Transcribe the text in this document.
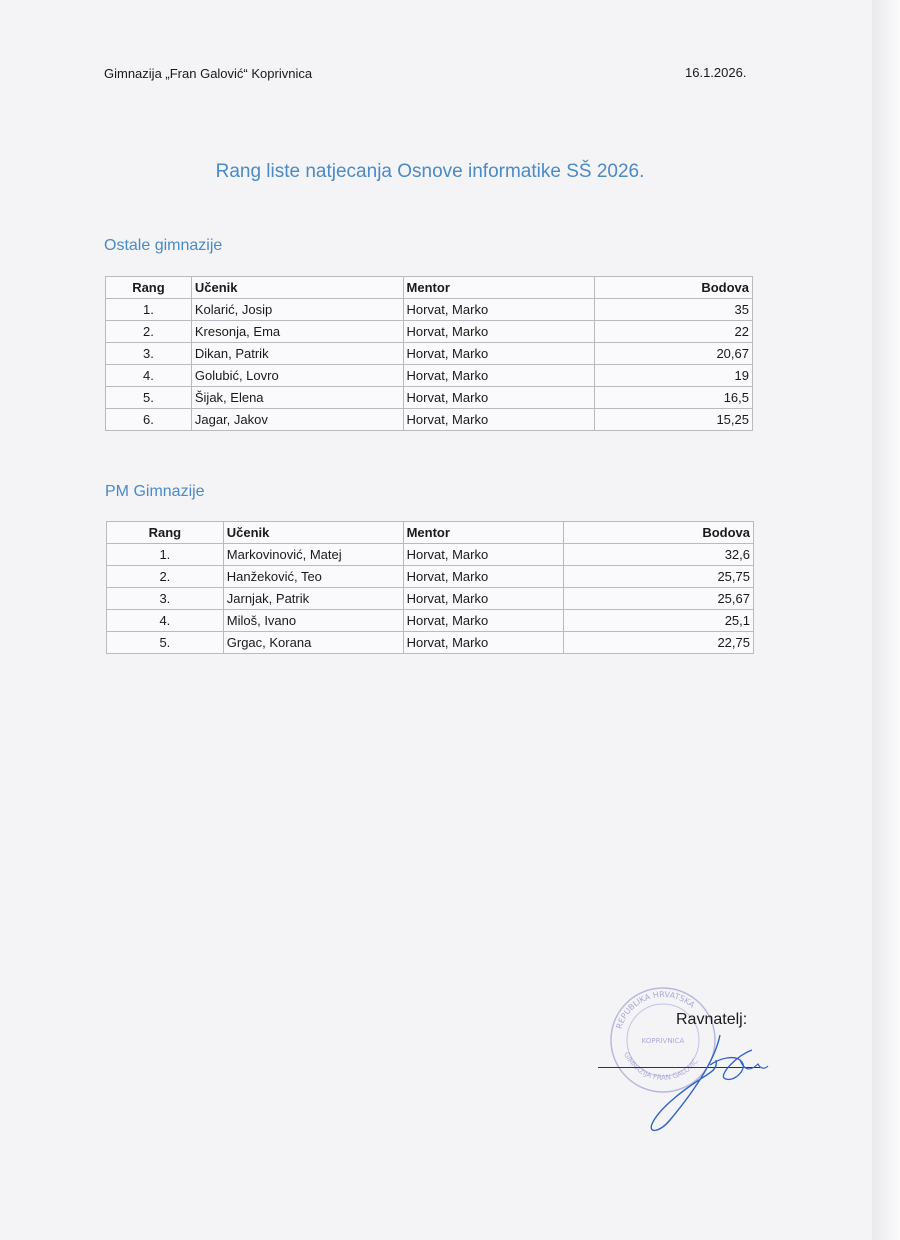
Gimnazija „Fran Galović“ Koprivnica	16.1.2026.
Rang liste natjecanja Osnove informatike SŠ 2026.
Ostale gimnazije
Rang	Učenik	Mentor	Bodova
1.	Kolarić, Josip	Horvat, Marko	35
2.	Kresonja, Ema	Horvat, Marko	22
3.	Dikan, Patrik	Horvat, Marko	20,67
4.	Golubić, Lovro	Horvat, Marko	19
5.	Šijak, Elena	Horvat, Marko	16,5
6.	Jagar, Jakov	Horvat, Marko	15,25
PM Gimnazije
Rang	Učenik	Mentor	Bodova
1.	Markovinović, Matej	Horvat, Marko	32,6
2.	Hanžeković, Teo	Horvat, Marko	25,75
3.	Jarnjak, Patrik	Horvat, Marko	25,67
4.	Miloš, Ivano	Horvat, Marko	25,1
5.	Grgac, Korana	Horvat, Marko	22,75
REPUBLIKA HRVATSKA
KOPRIVNICA
GIMNAZIJA FRAN GALOVIĆ
Ravnatelj:
